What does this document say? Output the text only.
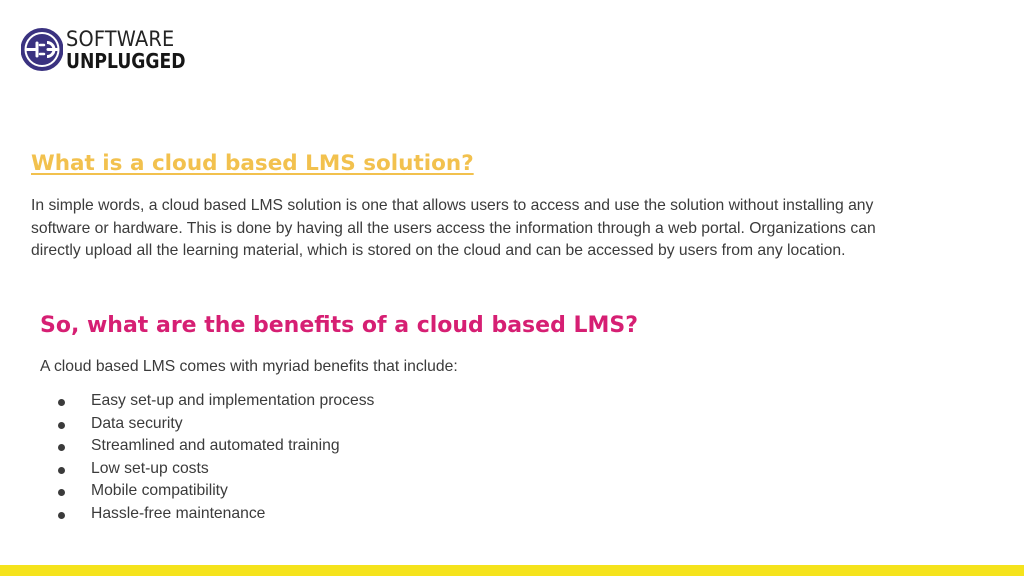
SOFTWARE
UNPLUGGED
What is a cloud based LMS solution?

In simple words, a cloud based LMS solution is one that allows users to access and use the solution without installing any software or hardware. This is done by having all the users access the information through a web portal. Organizations can directly upload all the learning material, which is stored on the cloud and can be accessed by users from any location.

So, what are the benefits of a cloud based LMS?

A cloud based LMS comes with myriad benefits that include:

Easy set-up and implementation process
Data security
Streamlined and automated training
Low set-up costs
Mobile compatibility
Hassle-free maintenance
